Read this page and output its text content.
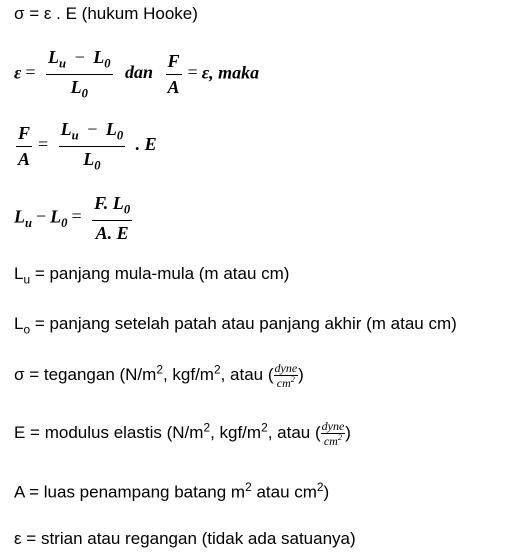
σ = ε . E (hukum Hooke)
$\varepsilon = \frac{L_u - L_0}{L_0}$ dan $\frac{F}{A} = \varepsilon$, maka
$\frac{F}{A} = \frac{L_u - L_0}{L_0}$ . E
$L_u - L_0 = \frac{F. L_0}{A. E}$
$L_u$ = panjang mula-mula (m atau cm)
$L_o$ = panjang setelah patah atau panjang akhir (m atau cm)
σ = tegangan ($N/m^2$, kgf/$m^2$, atau ( $\frac{\text{dyne}}{cm^2}$ )
E = modulus elastis ($N/m^2$, kgf/$m^2$, atau ( $\frac{\text{dyne}}{cm^2}$ )
A = luas penampang batang $m^2$ atau $cm^2$)
ε = strian atau regangan (tidak ada satuanya)
